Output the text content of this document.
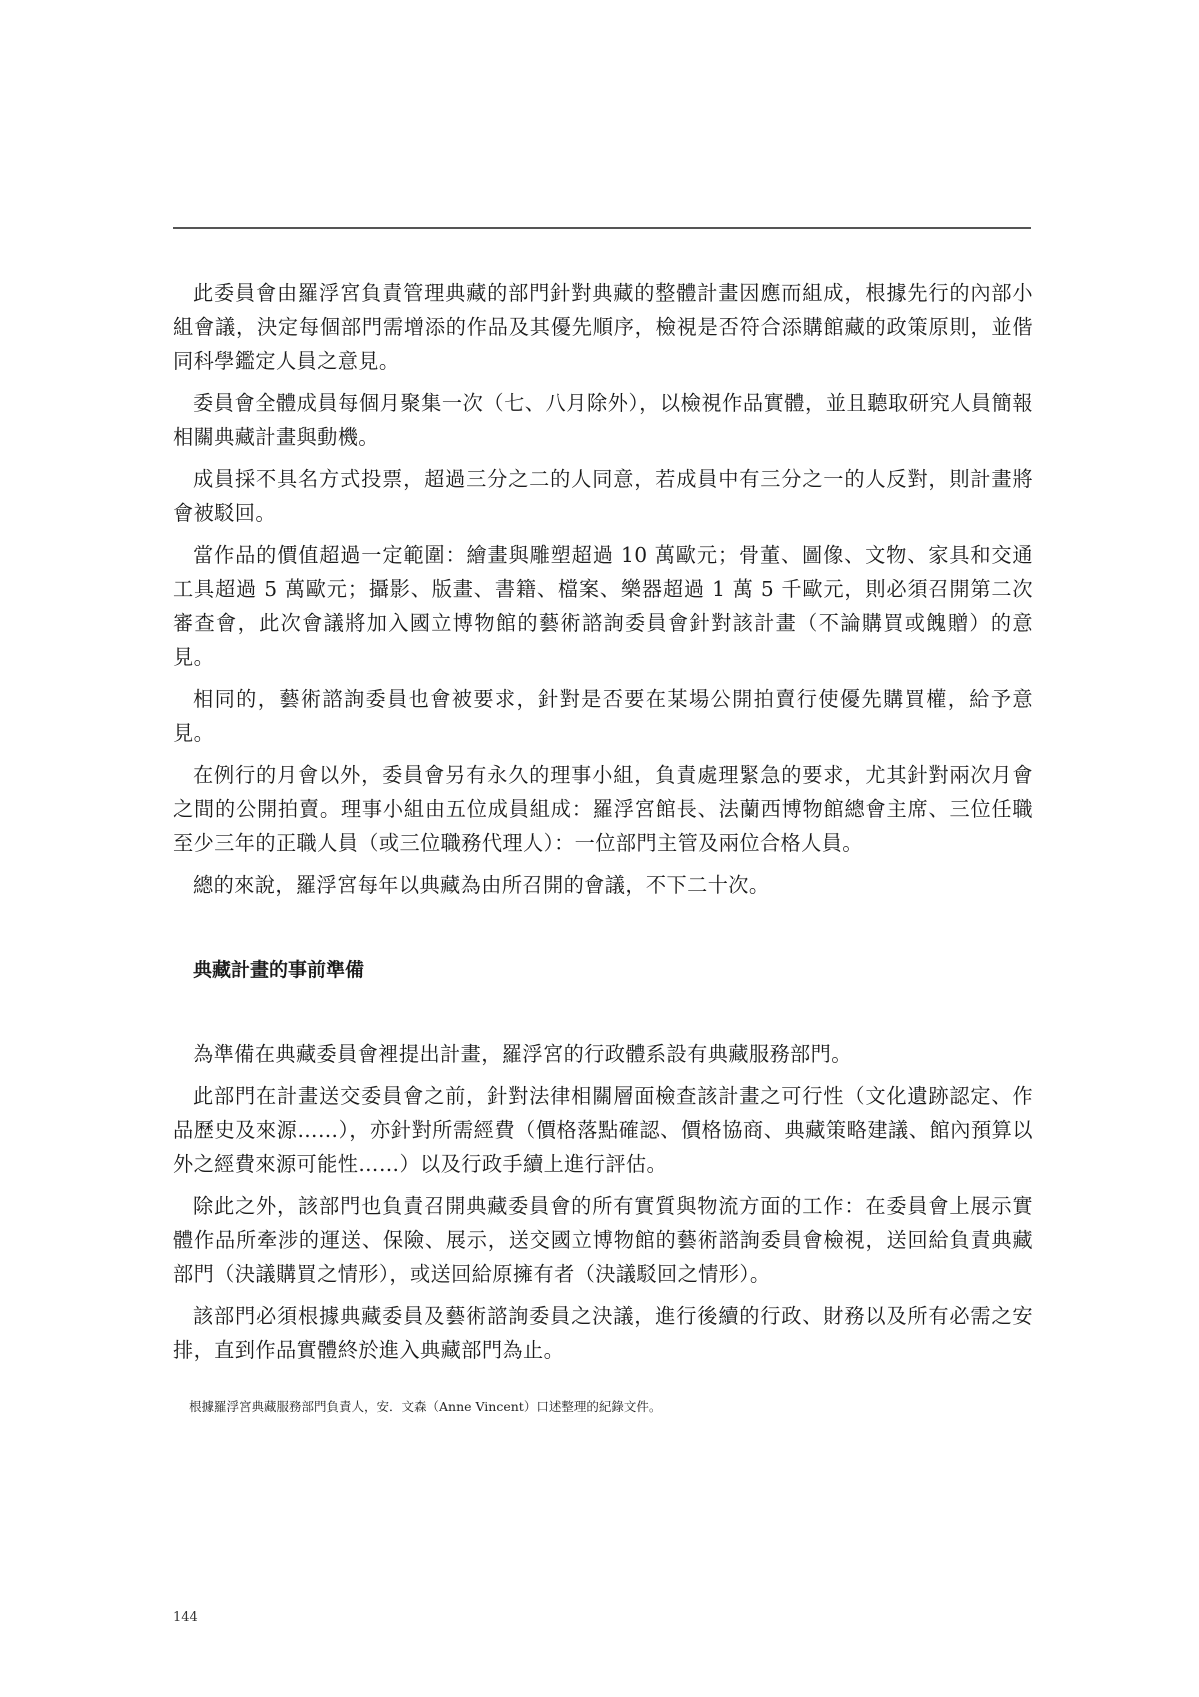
此委員會由羅浮宮負責管理典藏的部門針對典藏的整體計畫因應而組成，根據先行的內部小組會議，決定每個部門需增添的作品及其優先順序，檢視是否符合添購館藏的政策原則，並偕同科學鑑定人員之意見。

委員會全體成員每個月聚集一次（七、八月除外），以檢視作品實體，並且聽取研究人員簡報相關典藏計畫與動機。

成員採不具名方式投票，超過三分之二的人同意，若成員中有三分之一的人反對，則計畫將會被駁回。

當作品的價值超過一定範圍：繪畫與雕塑超過 10 萬歐元；骨董、圖像、文物、家具和交通工具超過 5 萬歐元；攝影、版畫、書籍、檔案、樂器超過 1 萬 5 千歐元，則必須召開第二次審查會，此次會議將加入國立博物館的藝術諮詢委員會針對該計畫（不論購買或餽贈）的意見。

相同的，藝術諮詢委員也會被要求，針對是否要在某場公開拍賣行使優先購買權，給予意見。

在例行的月會以外，委員會另有永久的理事小組，負責處理緊急的要求，尤其針對兩次月會之間的公開拍賣。理事小組由五位成員組成：羅浮宮館長、法蘭西博物館總會主席、三位任職至少三年的正職人員（或三位職務代理人）：一位部門主管及兩位合格人員。

總的來說，羅浮宮每年以典藏為由所召開的會議，不下二十次。

典藏計畫的事前準備

為準備在典藏委員會裡提出計畫，羅浮宮的行政體系設有典藏服務部門。

此部門在計畫送交委員會之前，針對法律相關層面檢查該計畫之可行性（文化遺跡認定、作品歷史及來源……），亦針對所需經費（價格落點確認、價格協商、典藏策略建議、館內預算以外之經費來源可能性……）以及行政手續上進行評估。

除此之外，該部門也負責召開典藏委員會的所有實質與物流方面的工作：在委員會上展示實體作品所牽涉的運送、保險、展示，送交國立博物館的藝術諮詢委員會檢視，送回給負責典藏部門（決議購買之情形），或送回給原擁有者（決議駁回之情形）。

該部門必須根據典藏委員及藝術諮詢委員之決議，進行後續的行政、財務以及所有必需之安排，直到作品實體終於進入典藏部門為止。

根據羅浮宮典藏服務部門負責人，安．文森（Anne Vincent）口述整理的紀錄文件。
144
